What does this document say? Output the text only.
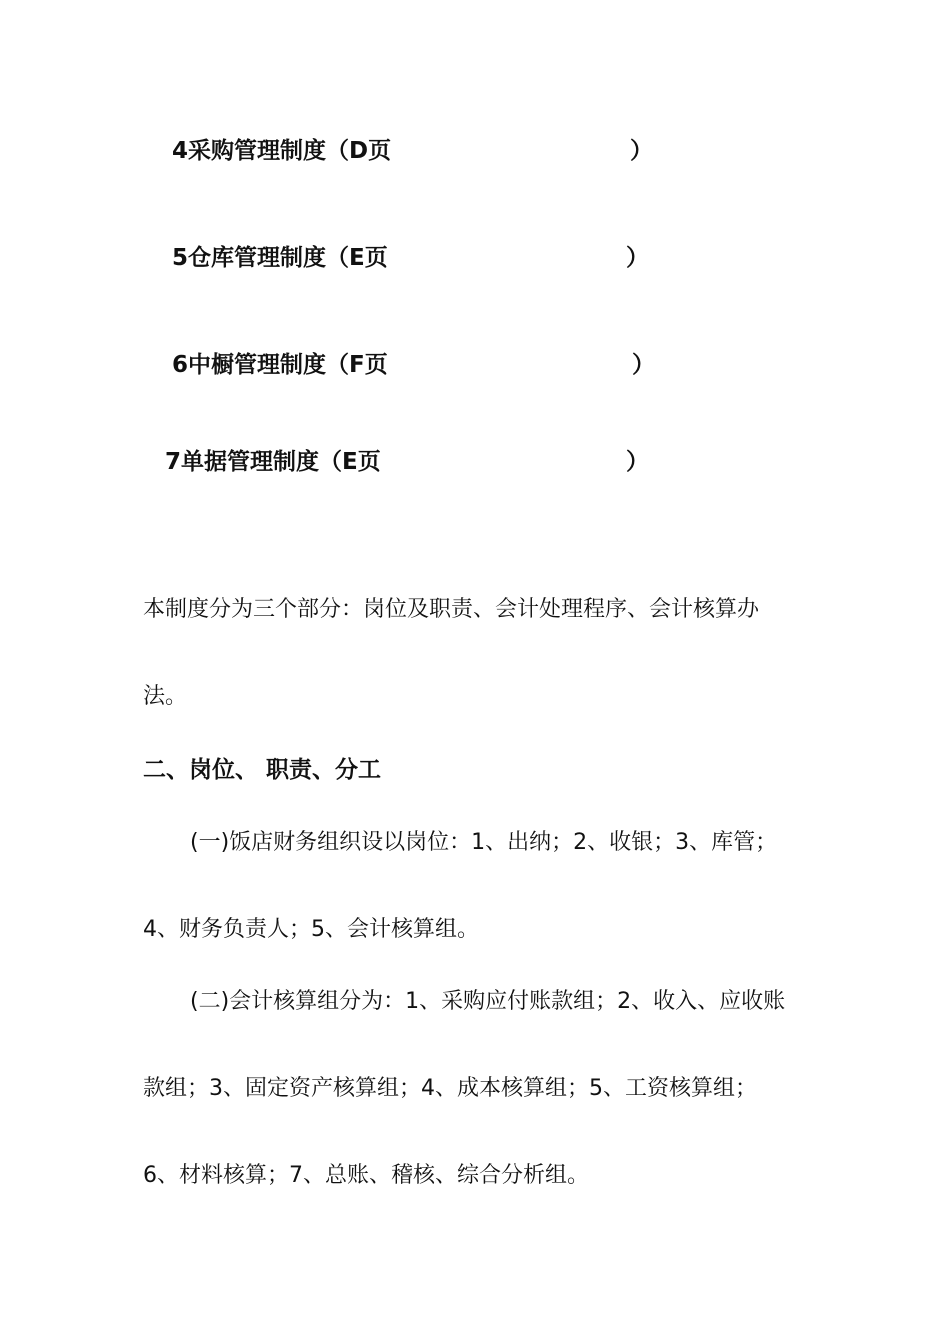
4采购管理制度（D页	）
5仓库管理制度（E页	）
6中橱管理制度（F页	）
7单据管理制度（E页	）
本制度分为三个部分：岗位及职责、会计处理程序、会计核算办
法。
二、岗位、 职责、分工
(一)饭店财务组织设以岗位：1、出纳；2、收银；3、库管；
4、财务负责人；5、会计核算组。
(二)会计核算组分为：1、采购应付账款组；2、收入、应收账
款组；3、固定资产核算组；4、成本核算组；5、工资核算组；
6、材料核算；7、总账、稽核、综合分析组。
